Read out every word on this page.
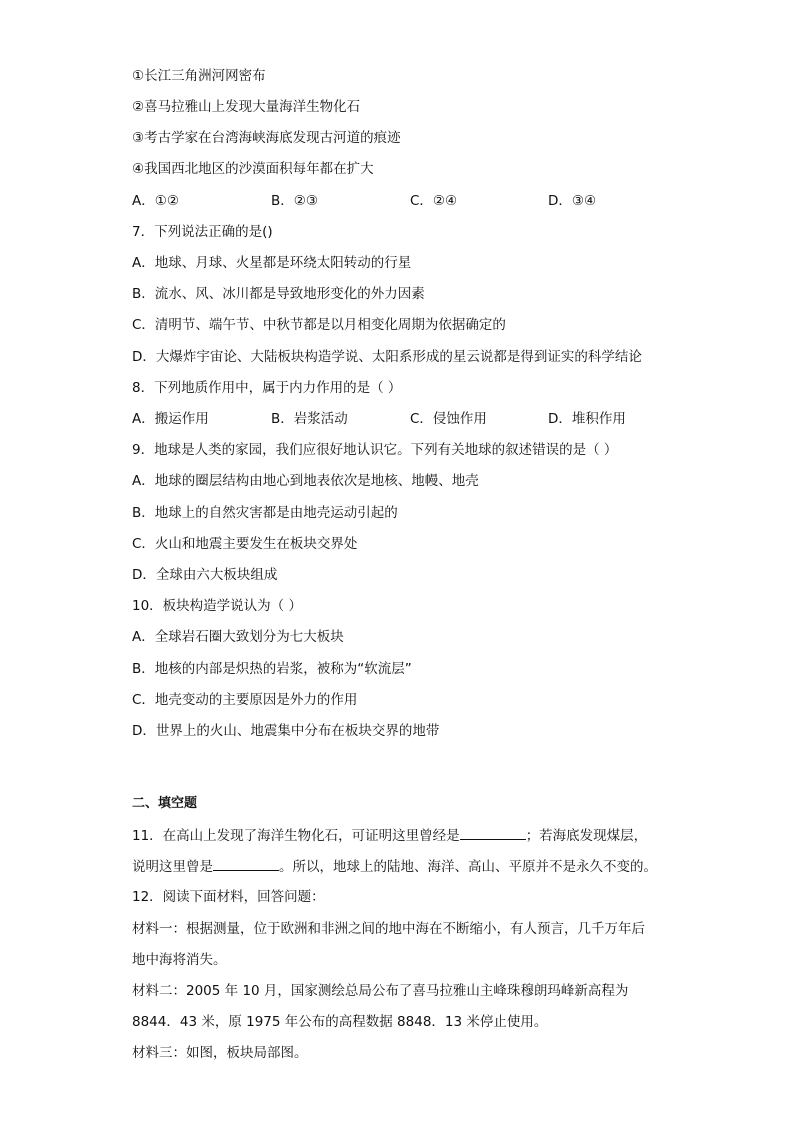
①长江三角洲河网密布
②喜马拉雅山上发现大量海洋生物化石
③考古学家在台湾海峡海底发现古河道的痕迹
④我国西北地区的沙漠面积每年都在扩大
A．①②	B．②③	C．②④	D．③④
7．下列说法正确的是()
A．地球、月球、火星都是环绕太阳转动的行星
B．流水、风、冰川都是导致地形变化的外力因素
C．清明节、端午节、中秋节都是以月相变化周期为依据确定的
D．大爆炸宇宙论、大陆板块构造学说、太阳系形成的星云说都是得到证实的科学结论
8．下列地质作用中，属于内力作用的是（ ）
A．搬运作用	B．岩浆活动	C．侵蚀作用	D．堆积作用
9．地球是人类的家园，我们应很好地认识它。下列有关地球的叙述错误的是（ ）
A．地球的圈层结构由地心到地表依次是地核、地幔、地壳
B．地球上的自然灾害都是由地壳运动引起的
C．火山和地震主要发生在板块交界处
D．全球由六大板块组成
10．板块构造学说认为（ ）
A．全球岩石圈大致划分为七大板块
B．地核的内部是炽热的岩浆，被称为“软流层”
C．地壳变动的主要原因是外力的作用
D．世界上的火山、地震集中分布在板块交界的地带
二、填空题
11．在高山上发现了海洋生物化石，可证明这里曾经是	；若海底发现煤层，
说明这里曾是	。所以，地球上的陆地、海洋、高山、平原并不是永久不变的。
12．阅读下面材料，回答问题：
材料一：根据测量，位于欧洲和非洲之间的地中海在不断缩小，有人预言，几千万年后
地中海将消失。
材料二：2005 年 10 月，国家测绘总局公布了喜马拉雅山主峰珠穆朗玛峰新高程为
8844．43 米，原 1975 年公布的高程数据 8848．13 米停止使用。
材料三：如图，板块局部图。
